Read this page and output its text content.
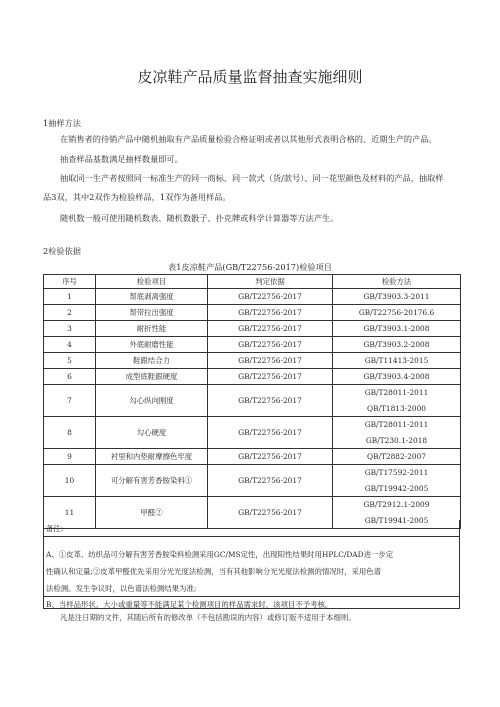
皮凉鞋产品质量监督抽查实施细则
1抽样方法
在销售者的待销产品中随机抽取有产品质量检验合格证明或者以其他形式表明合格的、近期生产的产品。
抽查样品基数满足抽样数量即可。
抽取同一生产者按照同一标准生产的同一商标、同一款式（货/款号）、同一花型颜色及材料的产品，抽取样
品3双，其中2双作为检验样品，1双作为备用样品。
随机数一般可使用随机数表、随机数骰子、扑克牌或科学计算器等方法产生。
2检验依据
表1皮凉鞋产品(GB/T22756-2017)检验项目
序号	检验项目	判定依据	检验方法
1	帮底剥离强度	GB/T22756-2017	GB/T3903.3-2011
2	帮带拉出强度	GB/T22756-2017	GB/T22756-20176.6
3	耐折性能	GB/T22756-2017	GB/T3903.1-2008
4	外底耐磨性能	GB/T22756-2017	GB/T3903.2-2008
5	鞋跟结合力	GB/T22756-2017	GB/T11413-2015
6	成型底鞋跟硬度	GB/T22756-2017	GB/T3903.4-2008
7	勾心纵向刚度	GB/T22756-2017	GB/T28011-2011
QB/T1813-2000

8	勾心硬度	GB/T22756-2017	GB/T28011-2011
GB/T230.1-2018

9	衬里和内垫耐摩擦色牢度	GB/T22756-2017	QB/T2882-2007
10	可分解有害芳香胺染料①	GB/T22756-2017	GB/T17592-2011
GB/T19942-2005

11	甲醛②	GB/T22756-2017	GB/T2912.1-2009
GB/T19941-2005
备注:
A、①皮革、纺织品可分解有害芳香胺染料检测采用GC/MS定性，出现阳性结果时用HPLC/DAD进一步定
性确认和定量;②皮革甲醛优先采用分光光度法检测，当有其他影响分光光度法检测的情况时，采用色谱
法检测。发生争议时，以色谱法检测结果为准;
B、当样品形状、大小或重量等不能满足某个检测项目的样品需求时，该项目不予考核。
凡是注日期的文件，其随后所有的修改单（不包括勘误的内容）或修订版不适用于本细则。
